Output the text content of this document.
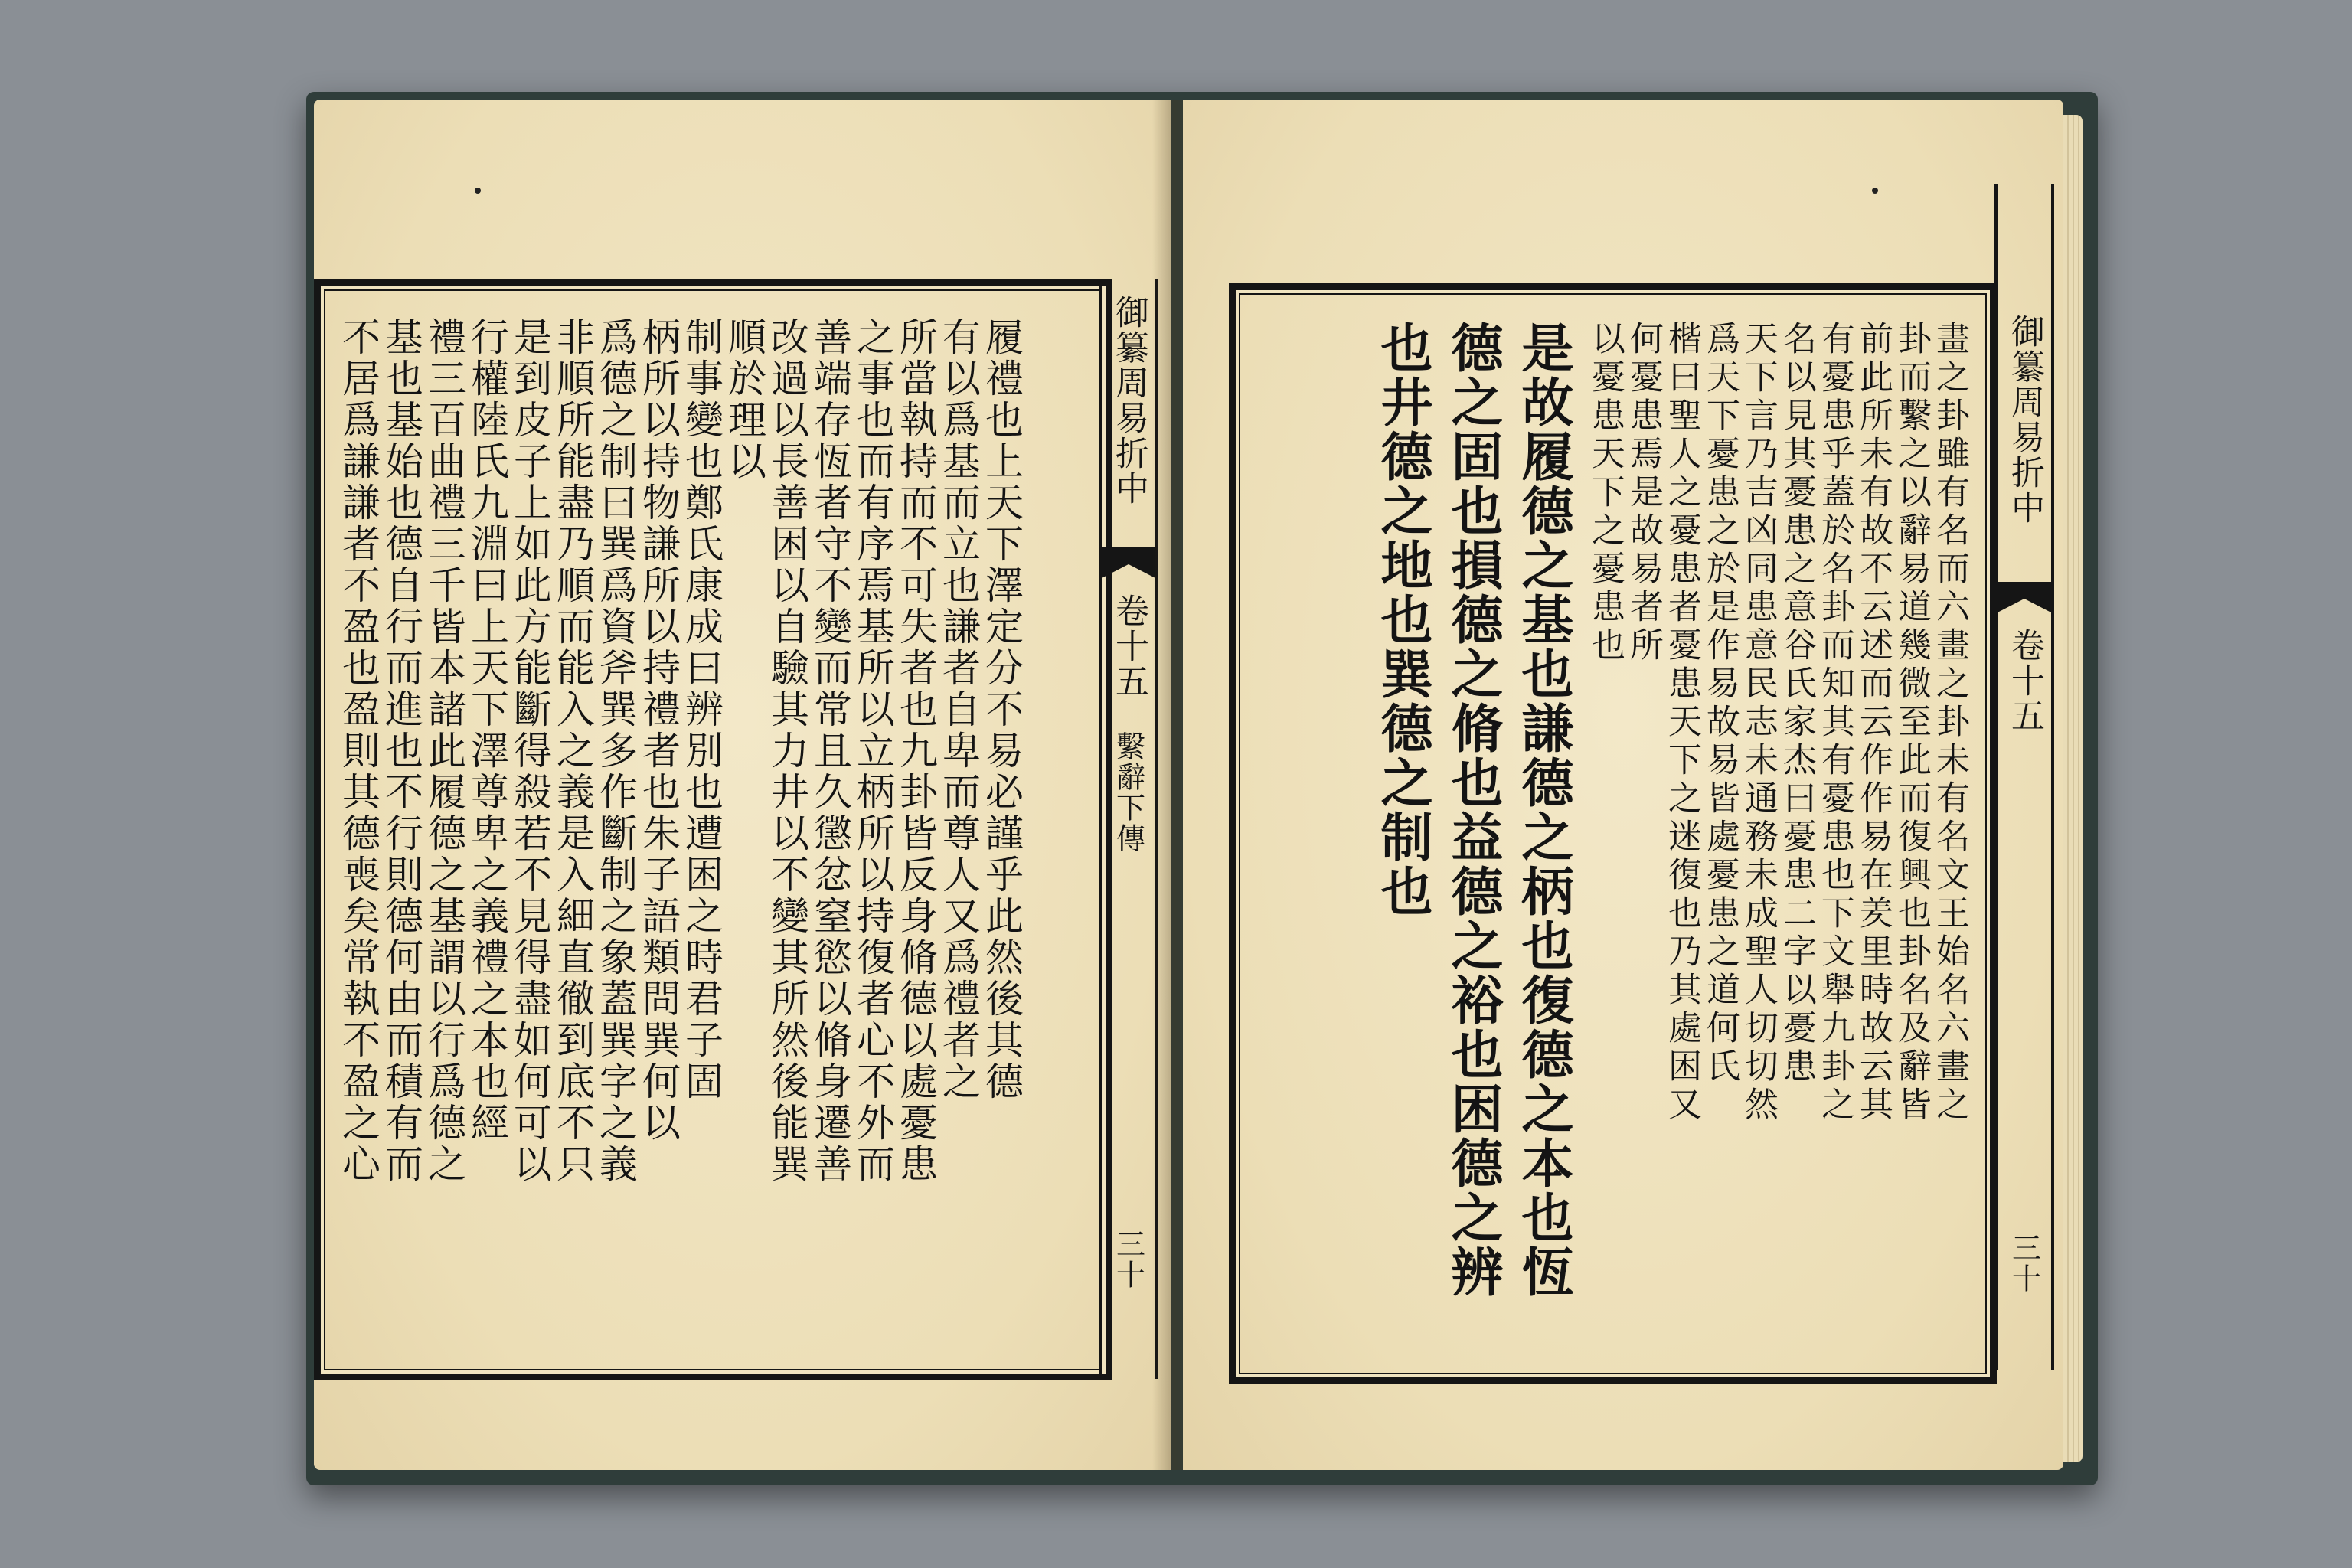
履禮也上天下澤定分不易必謹乎此然後其德
有以爲基而立也謙者自卑而尊人又爲禮者之
所當執持而不可失者也九卦皆反身脩德以處憂患
之事也而有序焉基所以立柄所以持復者心不外而
善端存恆者守不變而常且久懲忿窒慾以脩身遷善
改過以長善困以自驗其力井以不變其所然後能巽
順於理以
制事變也鄭氏康成曰辨別也遭困之時君子固
柄所以持物謙所以持禮者也朱子語類問巽何以
爲德之制曰巽爲資斧巽多作斷制之象蓋巽字之義
非順所能盡乃順而能入之義是入細直徹到底不只
是到皮子上如此方能斷得殺若不見得盡如何可以
行權陸氏九淵曰上天下澤尊卑之義禮之本也經
禮三百曲禮三千皆本諸此履德之基謂以行爲德之
基也基始也德自行而進也不行則德何由而積有而
不居爲謙謙者不盈也盈則其德喪矣常執不盈之心	御纂周易折中
卷十五
繫辭下傳
三十
畫之卦雖有名而六畫之卦未有名文王始名六畫之
卦而繫之以辭易道幾微至此而復興也卦名及辭皆
前此所未有故不云述而云作作易在羑里時故云其
有憂患乎蓋於名卦而知其有憂患也下文舉九卦之
名以見其憂患之意谷氏家杰曰憂患二字以憂患
天下言乃吉凶同患意民志未通務未成聖人切切然
爲天下憂患之於是作易故易皆處憂患之道何氏
楷曰聖人之憂患者憂患天下之迷復也乃其處困又
何憂患焉是故易者所
以憂患天下之憂患也
是故履德之基也謙德之柄也復德之本也恆
德之固也損德之脩也益德之裕也困德之辨
也井德之地也巽德之制也	御纂周易折中
卷十五
三十
